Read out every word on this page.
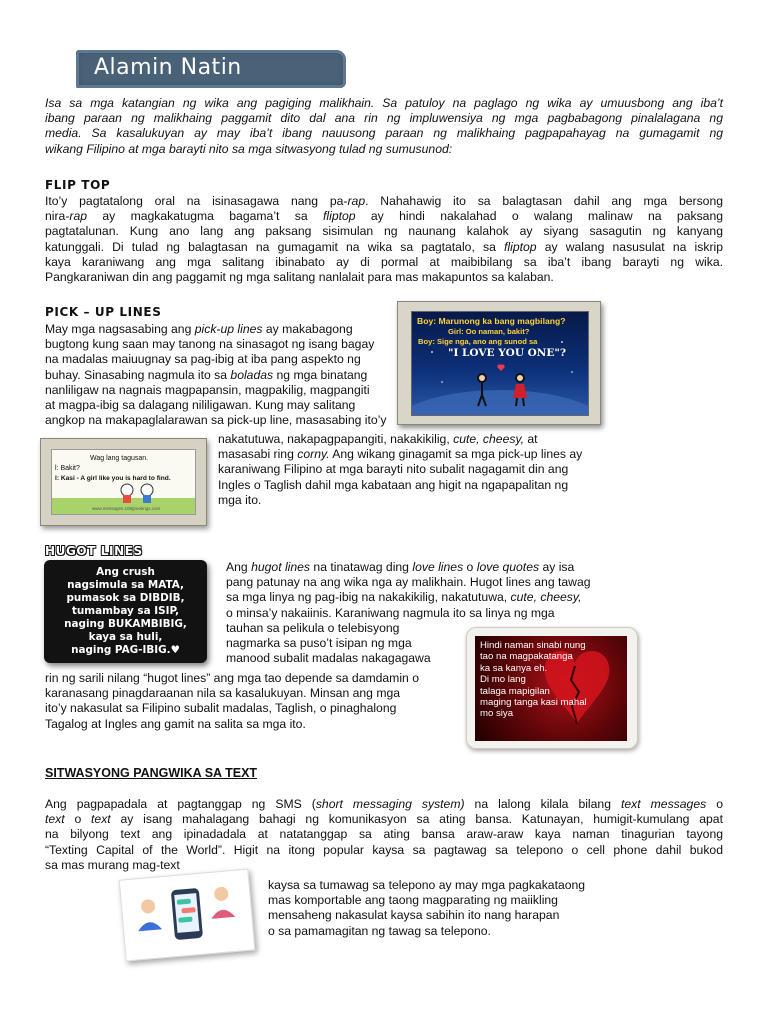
Alamin Natin
Isa sa mga katangian ng wika ang pagiging malikhain. Sa patuloy na paglago ng wika ay umuusbong ang iba’t
ibang paraan ng malikhaing paggamit dito dal ana rin ng impluwensiya ng mga pagbabagong pinalalagana ng
media. Sa kasalukuyan ay may iba’t ibang nauusong paraan ng malikhaing pagpapahayag na gumagamit ng
wikang Filipino at mga barayti nito sa mga sitwasyong tulad ng sumusunod:
FLIP TOP
Ito’y pagtatalong oral na isinasagawa nang pa-rap. Nahahawig ito sa balagtasan dahil ang mga bersong
nira-rap ay magkakatugma bagama’t sa fliptop ay hindi nakalahad o walang malinaw na paksang
pagtatalunan. Kung ano lang ang paksang sisimulan ng naunang kalahok ay siyang sasagutin ng kanyang
katunggali. Di tulad ng balagtasan na gumagamit na wika sa pagtatalo, sa fliptop ay walang nasusulat na iskrip
kaya karaniwang ang mga salitang ibinabato ay di pormal at maibibilang sa iba’t ibang barayti ng wika.
Pangkaraniwan din ang paggamit ng mga salitang nanlalait para mas makapuntos sa kalaban.
PICK – UP LINES
May mga nagsasabing ang pick-up lines ay makabagong
bugtong kung saan may tanong na sinasagot ng isang bagay
na madalas maiuugnay sa pag-ibig at iba pang aspekto ng
buhay. Sinasabing nagmula ito sa boladas ng mga binatang
nanliligaw na nagnais magpapansin, magpakilig, magpangiti
at magpa-ibig sa dalagang nililigawan. Kung may salitang
angkop na makapaglalarawan sa pick-up line, masasabing ito’y
Boy: Marunong ka bang magbilang?
Girl: Oo naman, bakit?
Boy: Sige nga, ano ang sunod sa
"I LOVE YOU ONE"?
Wag lang tagusan.
l: Bakit?
l: Kasi - A girl like you is hard to find.
www.messages.108greetings.com
nakatutuwa, nakapagpapangiti, nakakikilig, cute, cheesy, at
masasabi ring corny. Ang wikang ginagamit sa mga pick-up lines ay
karaniwang Filipino at mga barayti nito subalit nagagamit din ang
Ingles o Taglish dahil mga kabataan ang higit na ngapapalitan ng
mga ito.
HUGOT LINES
Ang crush
nagsimula sa MATA,
pumasok sa DIBDIB,
tumambay sa ISIP,
naging BUKAMBIBIG,
kaya sa huli,
naging PAG-IBIG.♥
Ang hugot lines na tinatawag ding love lines o love quotes ay isa
pang patunay na ang wika nga ay malikhain. Hugot lines ang tawag
sa mga linya ng pag-ibig na nakakikilig, nakatutuwa, cute, cheesy,
o minsa’y nakaiinis. Karaniwang nagmula ito sa linya ng mga
tauhan sa pelikula o telebisyong
nagmarka sa puso’t isipan ng mga
manood subalit madalas nakagagawa
rin ng sarili nilang “hugot lines” ang mga tao depende sa damdamin o
karanasang pinagdaraanan nila sa kasalukuyan. Minsan ang mga
ito’y nakasulat sa Filipino subalit madalas, Taglish, o pinaghalong
Tagalog at Ingles ang gamit na salita sa mga ito.
Hindi naman sinabi nung
tao na magpakatanga
ka sa kanya eh.
Di mo lang
talaga mapigilan
maging tanga kasi mahal
mo siya
SITWASYONG PANGWIKA SA TEXT
Ang pagpapadala at pagtanggap ng SMS (short messaging system) na lalong kilala bilang text messages o
text o text ay isang mahalagang bahagi ng komunikasyon sa ating bansa. Katunayan, humigit-kumulang apat
na bilyong text ang ipinadadala at natatanggap sa ating bansa araw-araw kaya naman tinagurian tayong
“Texting Capital of the World”. Higit na itong popular kaysa sa pagtawag sa telepono o cell phone dahil bukod
sa mas murang mag-text
kaysa sa tumawag sa telepono ay may mga pagkakataong
mas komportable ang taong magparating ng maiikling
mensaheng nakasulat kaysa sabihin ito nang harapan
o sa pamamagitan ng tawag sa telepono.
